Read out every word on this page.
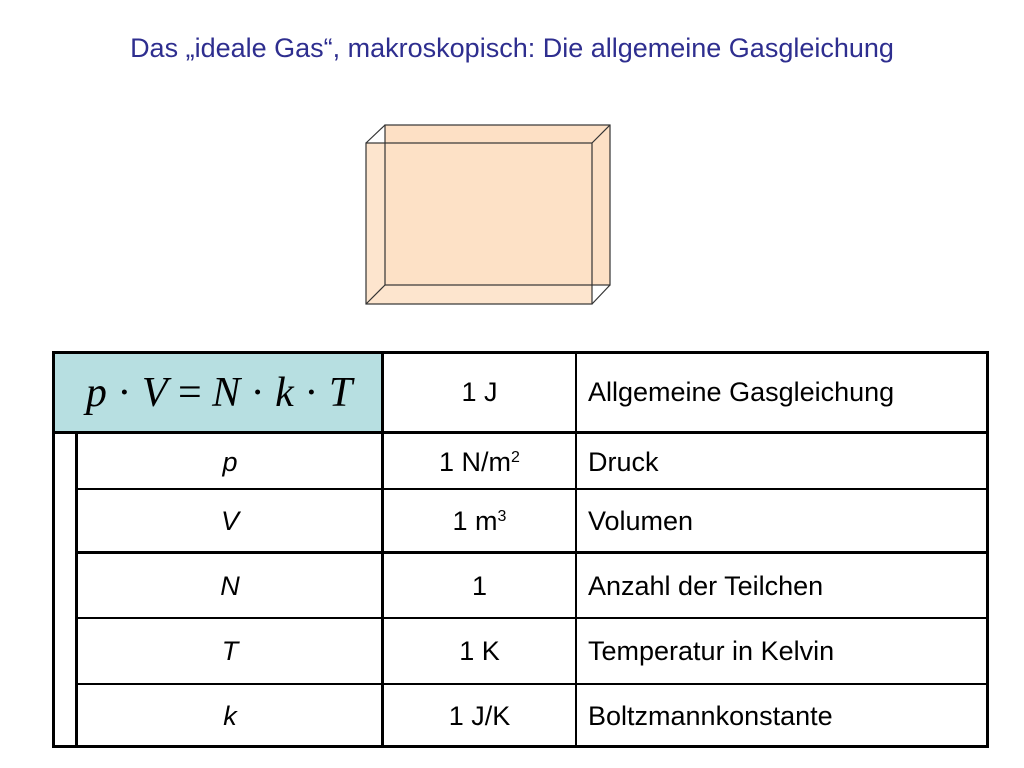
Das „ideale Gas“, makroskopisch: Die allgemeine Gasgleichung
p · V = N · k · T	1 J	Allgemeine Gasgleichung
p	1 $N/m^2$	Druck
V	1 $m^3$	Volumen
N	1	Anzahl der Teilchen
T	1 K	Temperatur in Kelvin
k	1 J/K	Boltzmannkonstante
